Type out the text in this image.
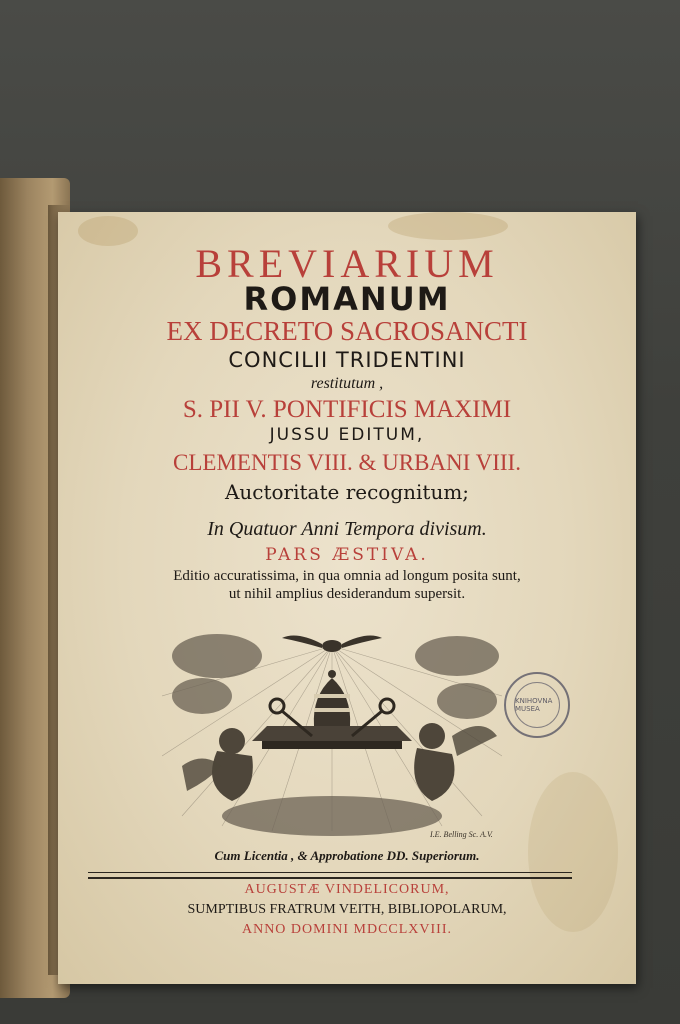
BREVIARIUM
ROMANUM
EX DECRETO SACROSANCTI
CONCILII TRIDENTINI
restitutum ,
S. PII V. PONTIFICIS MAXIMI
JUSSU EDITUM,
CLEMENTIS VIII. & URBANI VIII.
Auctoritate recognitum;
In Quatuor Anni Tempora divisum.
PARS ÆSTIVA.
Editio accuratissima, in qua omnia ad longum posita sunt,
ut nihil amplius desiderandum supersit.
I.E. Belling Sc. A.V.
Cum Licentia , & Approbatione DD. Superiorum.
AUGUSTÆ VINDELICORUM,
SUMPTIBUS FRATRUM VEITH, BIBLIOPOLARUM,
ANNO DOMINI MDCCLXVIII.
KNIHOVNA MUSEA
